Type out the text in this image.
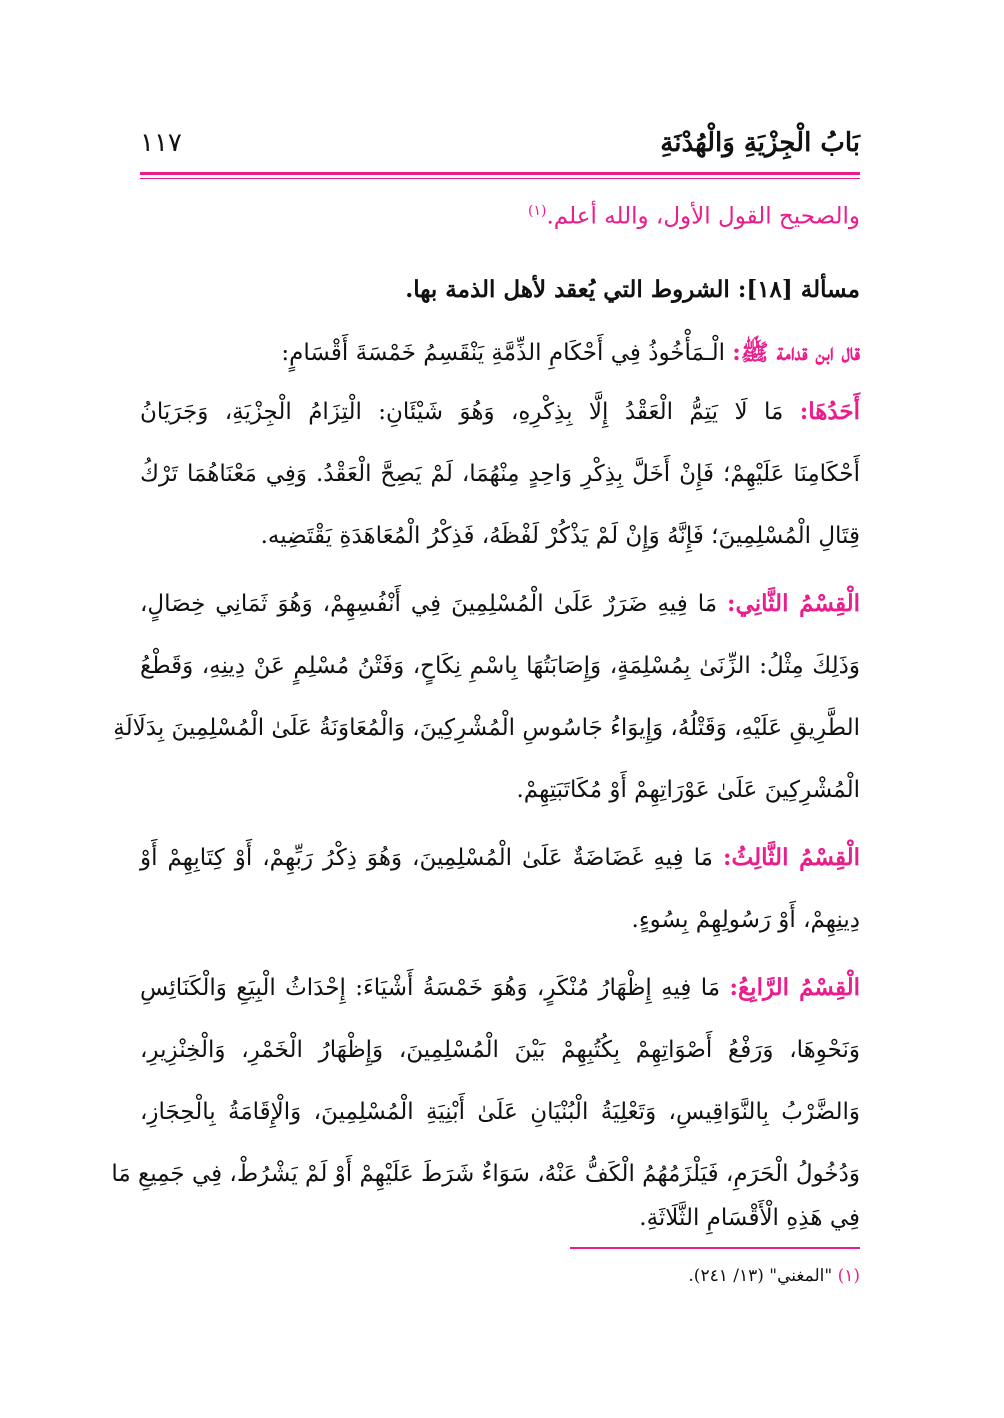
بَابُ الْجِزْيَةِ وَالْهُدْنَةِ
١١٧
والصحيح القول الأول، والله أعلم.$^{(١)}$
مسألة [١٨]: الشروط التي يُعقد لأهل الذمة بها.
قال ابن قدامة ﷺ: الْـمَأْخُوذُ فِي أَحْكَامِ الذِّمَّةِ يَنْقَسِمُ خَمْسَةَ أَقْسَامٍ:
أَحَدُهَا: مَا لَا يَتِمُّ الْعَقْدُ إِلَّا بِذِكْرِهِ، وَهُوَ شَيْئَانِ: الْتِزَامُ الْجِزْيَةِ، وَجَرَيَانُ
أَحْكَامِنَا عَلَيْهِمْ؛ فَإِنْ أَخَلَّ بِذِكْرِ وَاحِدٍ مِنْهُمَا، لَمْ يَصِحَّ الْعَقْدُ. وَفِي مَعْنَاهُمَا تَرْكُ
قِتَالِ الْمُسْلِمِينَ؛ فَإِنَّهُ وَإِنْ لَمْ يَذْكُرْ لَفْظَهُ، فَذِكْرُ الْمُعَاهَدَةِ يَقْتَضِيه.
الْقِسْمُ الثَّانِي: مَا فِيهِ ضَرَرٌ عَلَىٰ الْمُسْلِمِينَ فِي أَنْفُسِهِمْ، وَهُوَ ثَمَانِي خِصَالٍ،
وَذَلِكَ مِثْلُ: الزِّنَىٰ بِمُسْلِمَةٍ، وَإِصَابَتُهَا بِاسْمِ نِكَاحٍ، وَفَتْنُ مُسْلِمٍ عَنْ دِينِهِ، وَقَطْعُ
الطَّرِيقِ عَلَيْهِ، وَقَتْلُهُ، وَإِيوَاءُ جَاسُوسِ الْمُشْرِكِينَ، وَالْمُعَاوَنَةُ عَلَىٰ الْمُسْلِمِينَ بِدَلَالَةِ
الْمُشْرِكِينَ عَلَىٰ عَوْرَاتِهِمْ أَوْ مُكَاتَبَتِهِمْ.
الْقِسْمُ الثَّالِثُ: مَا فِيهِ غَضَاضَةٌ عَلَىٰ الْمُسْلِمِينَ، وَهُوَ ذِكْرُ رَبِّهِمْ، أَوْ كِتَابِهِمْ أَوْ
دِينِهِمْ، أَوْ رَسُولِهِمْ بِسُوءٍ.
الْقِسْمُ الرَّابِعُ: مَا فِيهِ إِظْهَارُ مُنْكَرٍ، وَهُوَ خَمْسَةُ أَشْيَاءَ: إِحْدَاثُ الْبِيَعِ وَالْكَنَائِسِ
وَنَحْوِهَا، وَرَفْعُ أَصْوَاتِهِمْ بِكُتُبِهِمْ بَيْنَ الْمُسْلِمِينَ، وَإِظْهَارُ الْخَمْرِ، وَالْخِنْزِيرِ،
وَالضَّرْبُ بِالنَّوَاقِيسِ، وَتَعْلِيَةُ الْبُنْيَانِ عَلَىٰ أَبْنِيَةِ الْمُسْلِمِينَ، وَالْإِقَامَةُ بِالْحِجَازِ،
وَدُخُولُ الْحَرَمِ، فَيَلْزَمُهُمُ الْكَفُّ عَنْهُ، سَوَاءٌ شَرَطَ عَلَيْهِمْ أَوْ لَمْ يَشْرُطْ، فِي جَمِيعِ مَا
فِي هَذِهِ الْأَقْسَامِ الثَّلَاثَةِ.
(١) "المغني" (١٣/ ٢٤١).
